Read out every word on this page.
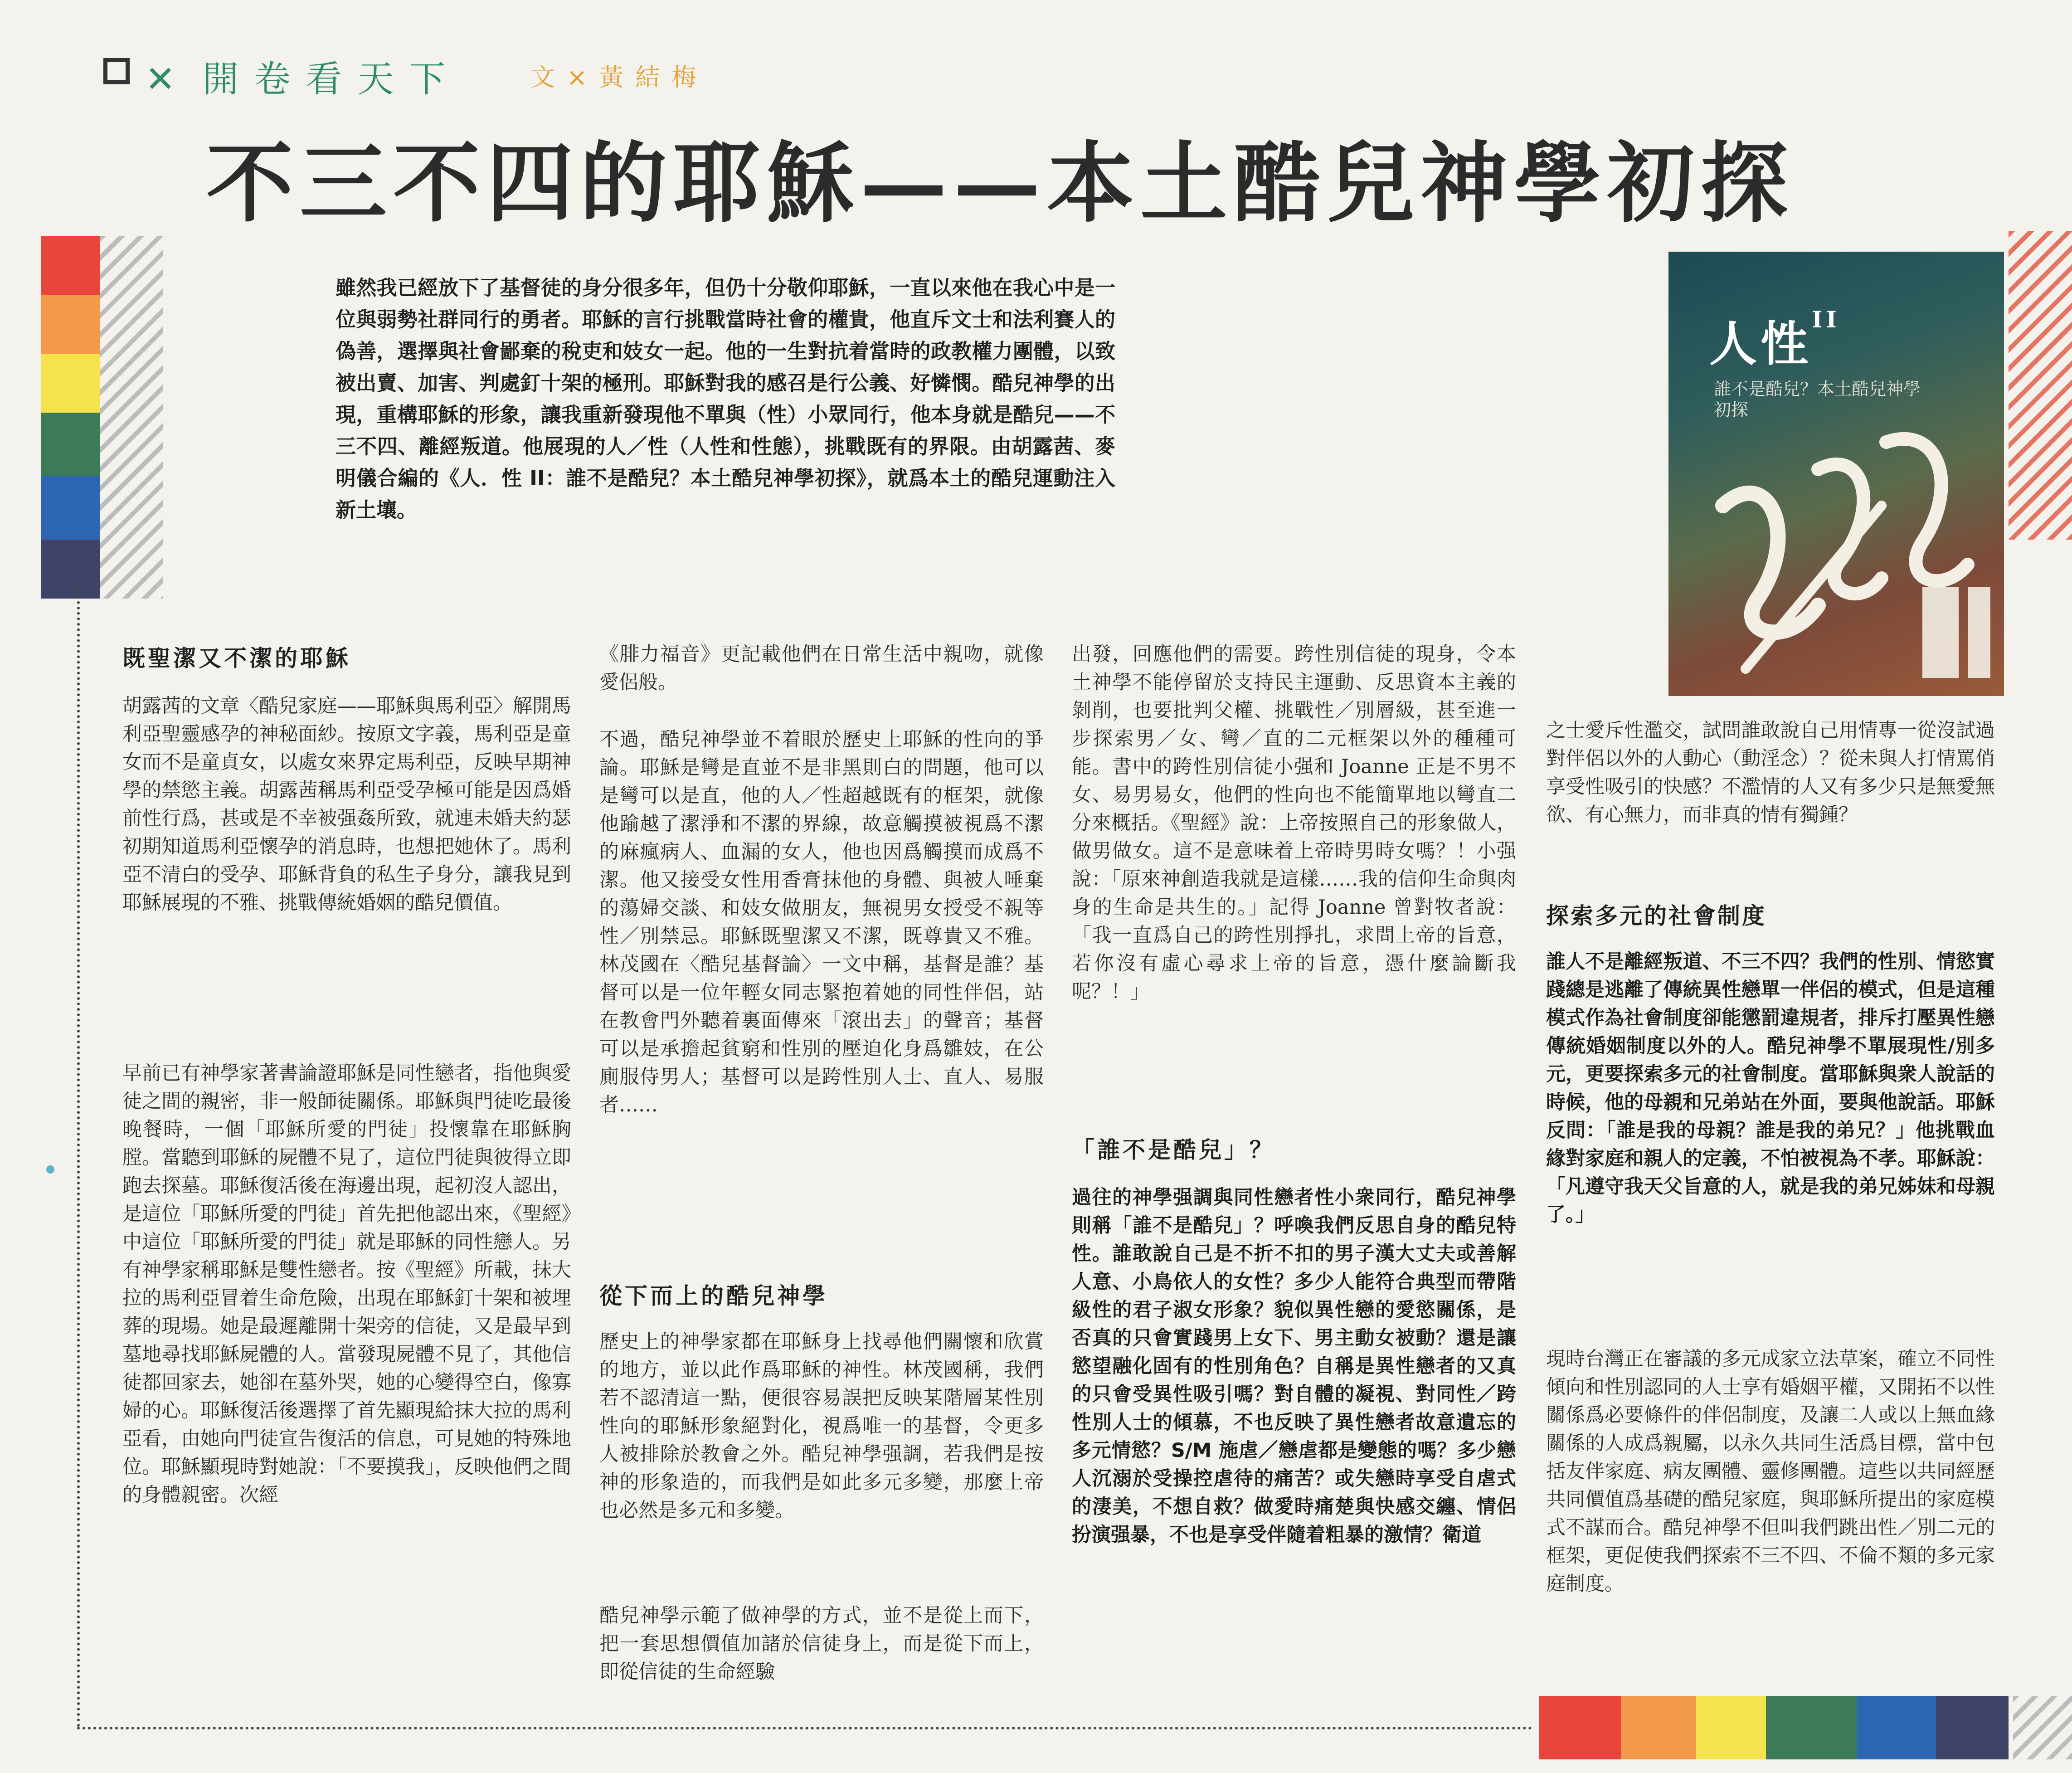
✕ 開卷看天下	文×黃結梅
不三不四的耶穌——本土酷兒神學初探
雖然我已經放下了基督徒的身分很多年，但仍十分敬仰耶穌，一直以來他在我心中是一位與弱勢社群同行的勇者。耶穌的言行挑戰當時社會的權貴，他直斥文士和法利賽人的偽善，選擇與社會鄙棄的稅吏和妓女一起。他的一生對抗着當時的政教權力團體，以致被出賣、加害、判處釘十架的極刑。耶穌對我的感召是行公義、好憐憫。酷兒神學的出現，重構耶穌的形象，讓我重新發現他不單與（性）小眾同行，他本身就是酷兒——不三不四、離經叛道。他展現的人／性（人性和性態），挑戰既有的界限。由胡露茜、麥明儀合編的《人．性 II：誰不是酷兒？本土酷兒神學初探》，就爲本土的酷兒運動注入新土壤。
人性$^{II}$
誰不是酷兒？本土酷兒神學初探
既聖潔又不潔的耶穌
胡露茜的文章〈酷兒家庭——耶穌與馬利亞〉解開馬利亞聖靈感孕的神秘面紗。按原文字義，馬利亞是童女而不是童貞女，以處女來界定馬利亞，反映早期神學的禁慾主義。胡露茜稱馬利亞受孕極可能是因爲婚前性行爲，甚或是不幸被强姦所致，就連未婚夫約瑟初期知道馬利亞懷孕的消息時，也想把她休了。馬利亞不清白的受孕、耶穌背負的私生子身分，讓我見到耶穌展現的不雅、挑戰傳統婚姻的酷兒價值。
早前已有神學家著書論證耶穌是同性戀者，指他與愛徒之間的親密，非一般師徒關係。耶穌與門徒吃最後晚餐時，一個「耶穌所愛的門徒」投懷靠在耶穌胸膛。當聽到耶穌的屍體不見了，這位門徒與彼得立即跑去探墓。耶穌復活後在海邊出現，起初沒人認出，是這位「耶穌所愛的門徒」首先把他認出來，《聖經》中這位「耶穌所愛的門徒」就是耶穌的同性戀人。另有神學家稱耶穌是雙性戀者。按《聖經》所載，抹大拉的馬利亞冒着生命危險，出現在耶穌釘十架和被埋葬的現場。她是最遲離開十架旁的信徒，又是最早到墓地尋找耶穌屍體的人。當發現屍體不見了，其他信徒都回家去，她卻在墓外哭，她的心變得空白，像寡婦的心。耶穌復活後選擇了首先顯現給抹大拉的馬利亞看，由她向門徒宣告復活的信息，可見她的特殊地位。耶穌顯現時對她說：「不要摸我」，反映他們之間的身體親密。次經
《腓力福音》更記載他們在日常生活中親吻，就像愛侶般。
不過，酷兒神學並不着眼於歷史上耶穌的性向的爭論。耶穌是彎是直並不是非黑則白的問題，他可以是彎可以是直，他的人／性超越既有的框架，就像他踰越了潔淨和不潔的界線，故意觸摸被視爲不潔的麻瘋病人、血漏的女人，他也因爲觸摸而成爲不潔。他又接受女性用香膏抹他的身體、與被人唾棄的蕩婦交談、和妓女做朋友，無視男女授受不親等性／別禁忌。耶穌既聖潔又不潔，既尊貴又不雅。林茂國在〈酷兒基督論〉一文中稱，基督是誰？基督可以是一位年輕女同志緊抱着她的同性伴侶，站在教會門外聽着裏面傳來「滾出去」的聲音；基督可以是承擔起貧窮和性別的壓迫化身爲雛妓，在公廁服侍男人；基督可以是跨性別人士、直人、易服者……
從下而上的酷兒神學
歷史上的神學家都在耶穌身上找尋他們關懷和欣賞的地方，並以此作爲耶穌的神性。林茂國稱，我們若不認清這一點，便很容易誤把反映某階層某性別性向的耶穌形象絕對化，視爲唯一的基督，令更多人被排除於教會之外。酷兒神學强調，若我們是按神的形象造的，而我們是如此多元多變，那麼上帝也必然是多元和多變。
酷兒神學示範了做神學的方式，並不是從上而下，把一套思想價值加諸於信徒身上，而是從下而上，即從信徒的生命經驗
出發，回應他們的需要。跨性別信徒的現身，令本土神學不能停留於支持民主運動、反思資本主義的剝削，也要批判父權、挑戰性／別層級，甚至進一步探索男／女、彎／直的二元框架以外的種種可能。書中的跨性別信徒小强和 Joanne 正是不男不女、易男易女，他們的性向也不能簡單地以彎直二分來概括。《聖經》說：上帝按照自己的形象做人，做男做女。這不是意味着上帝時男時女嗎？！小强說：「原來神創造我就是這樣……我的信仰生命與肉身的生命是共生的。」記得 Joanne 曾對牧者說：「我一直爲自己的跨性別掙扎，求問上帝的旨意，若你沒有虛心尋求上帝的旨意，憑什麼論斷我呢？！」
「誰不是酷兒」？
過往的神學强調與同性戀者性小衆同行，酷兒神學則稱「誰不是酷兒」？呼喚我們反思自身的酷兒特性。誰敢說自己是不折不扣的男子漢大丈夫或善解人意、小鳥依人的女性？多少人能符合典型而帶階級性的君子淑女形象？貌似異性戀的愛慾關係，是否真的只會實踐男上女下、男主動女被動？還是讓慾望融化固有的性別角色？自稱是異性戀者的又真的只會受異性吸引嗎？對自體的凝視、對同性／跨性別人士的傾慕，不也反映了異性戀者故意遺忘的多元情慾？S/M 施虐／戀虐都是變態的嗎？多少戀人沉溺於受操控虐待的痛苦？或失戀時享受自虐式的淒美，不想自救？做愛時痛楚與快感交纏、情侶扮演强暴，不也是享受伴隨着粗暴的激情？衛道
之士愛斥性濫交，試問誰敢說自己用情專一從沒試過對伴侶以外的人動心（動淫念）？從未與人打情罵俏享受性吸引的快感？不濫情的人又有多少只是無愛無欲、有心無力，而非真的情有獨鍾？
探索多元的社會制度
誰人不是離經叛道、不三不四？我們的性別、情慾實踐總是逃離了傳統異性戀單一伴侶的模式，但是這種模式作為社會制度卻能懲罰違規者，排斥打壓異性戀傳統婚姻制度以外的人。酷兒神學不單展現性/別多元，更要探索多元的社會制度。當耶穌與衆人說話的時候，他的母親和兄弟站在外面，要與他說話。耶穌反問：「誰是我的母親？誰是我的弟兄？」他挑戰血緣對家庭和親人的定義，不怕被視為不孝。耶穌說：「凡遵守我天父旨意的人，就是我的弟兄姊妹和母親了。」
現時台灣正在審議的多元成家立法草案，確立不同性傾向和性別認同的人士享有婚姻平權，又開拓不以性關係爲必要條件的伴侶制度，及讓二人或以上無血緣關係的人成爲親屬，以永久共同生活爲目標，當中包括友伴家庭、病友團體、靈修團體。這些以共同經歷共同價值爲基礎的酷兒家庭，與耶穌所提出的家庭模式不謀而合。酷兒神學不但叫我們跳出性／別二元的框架，更促使我們探索不三不四、不倫不類的多元家庭制度。
